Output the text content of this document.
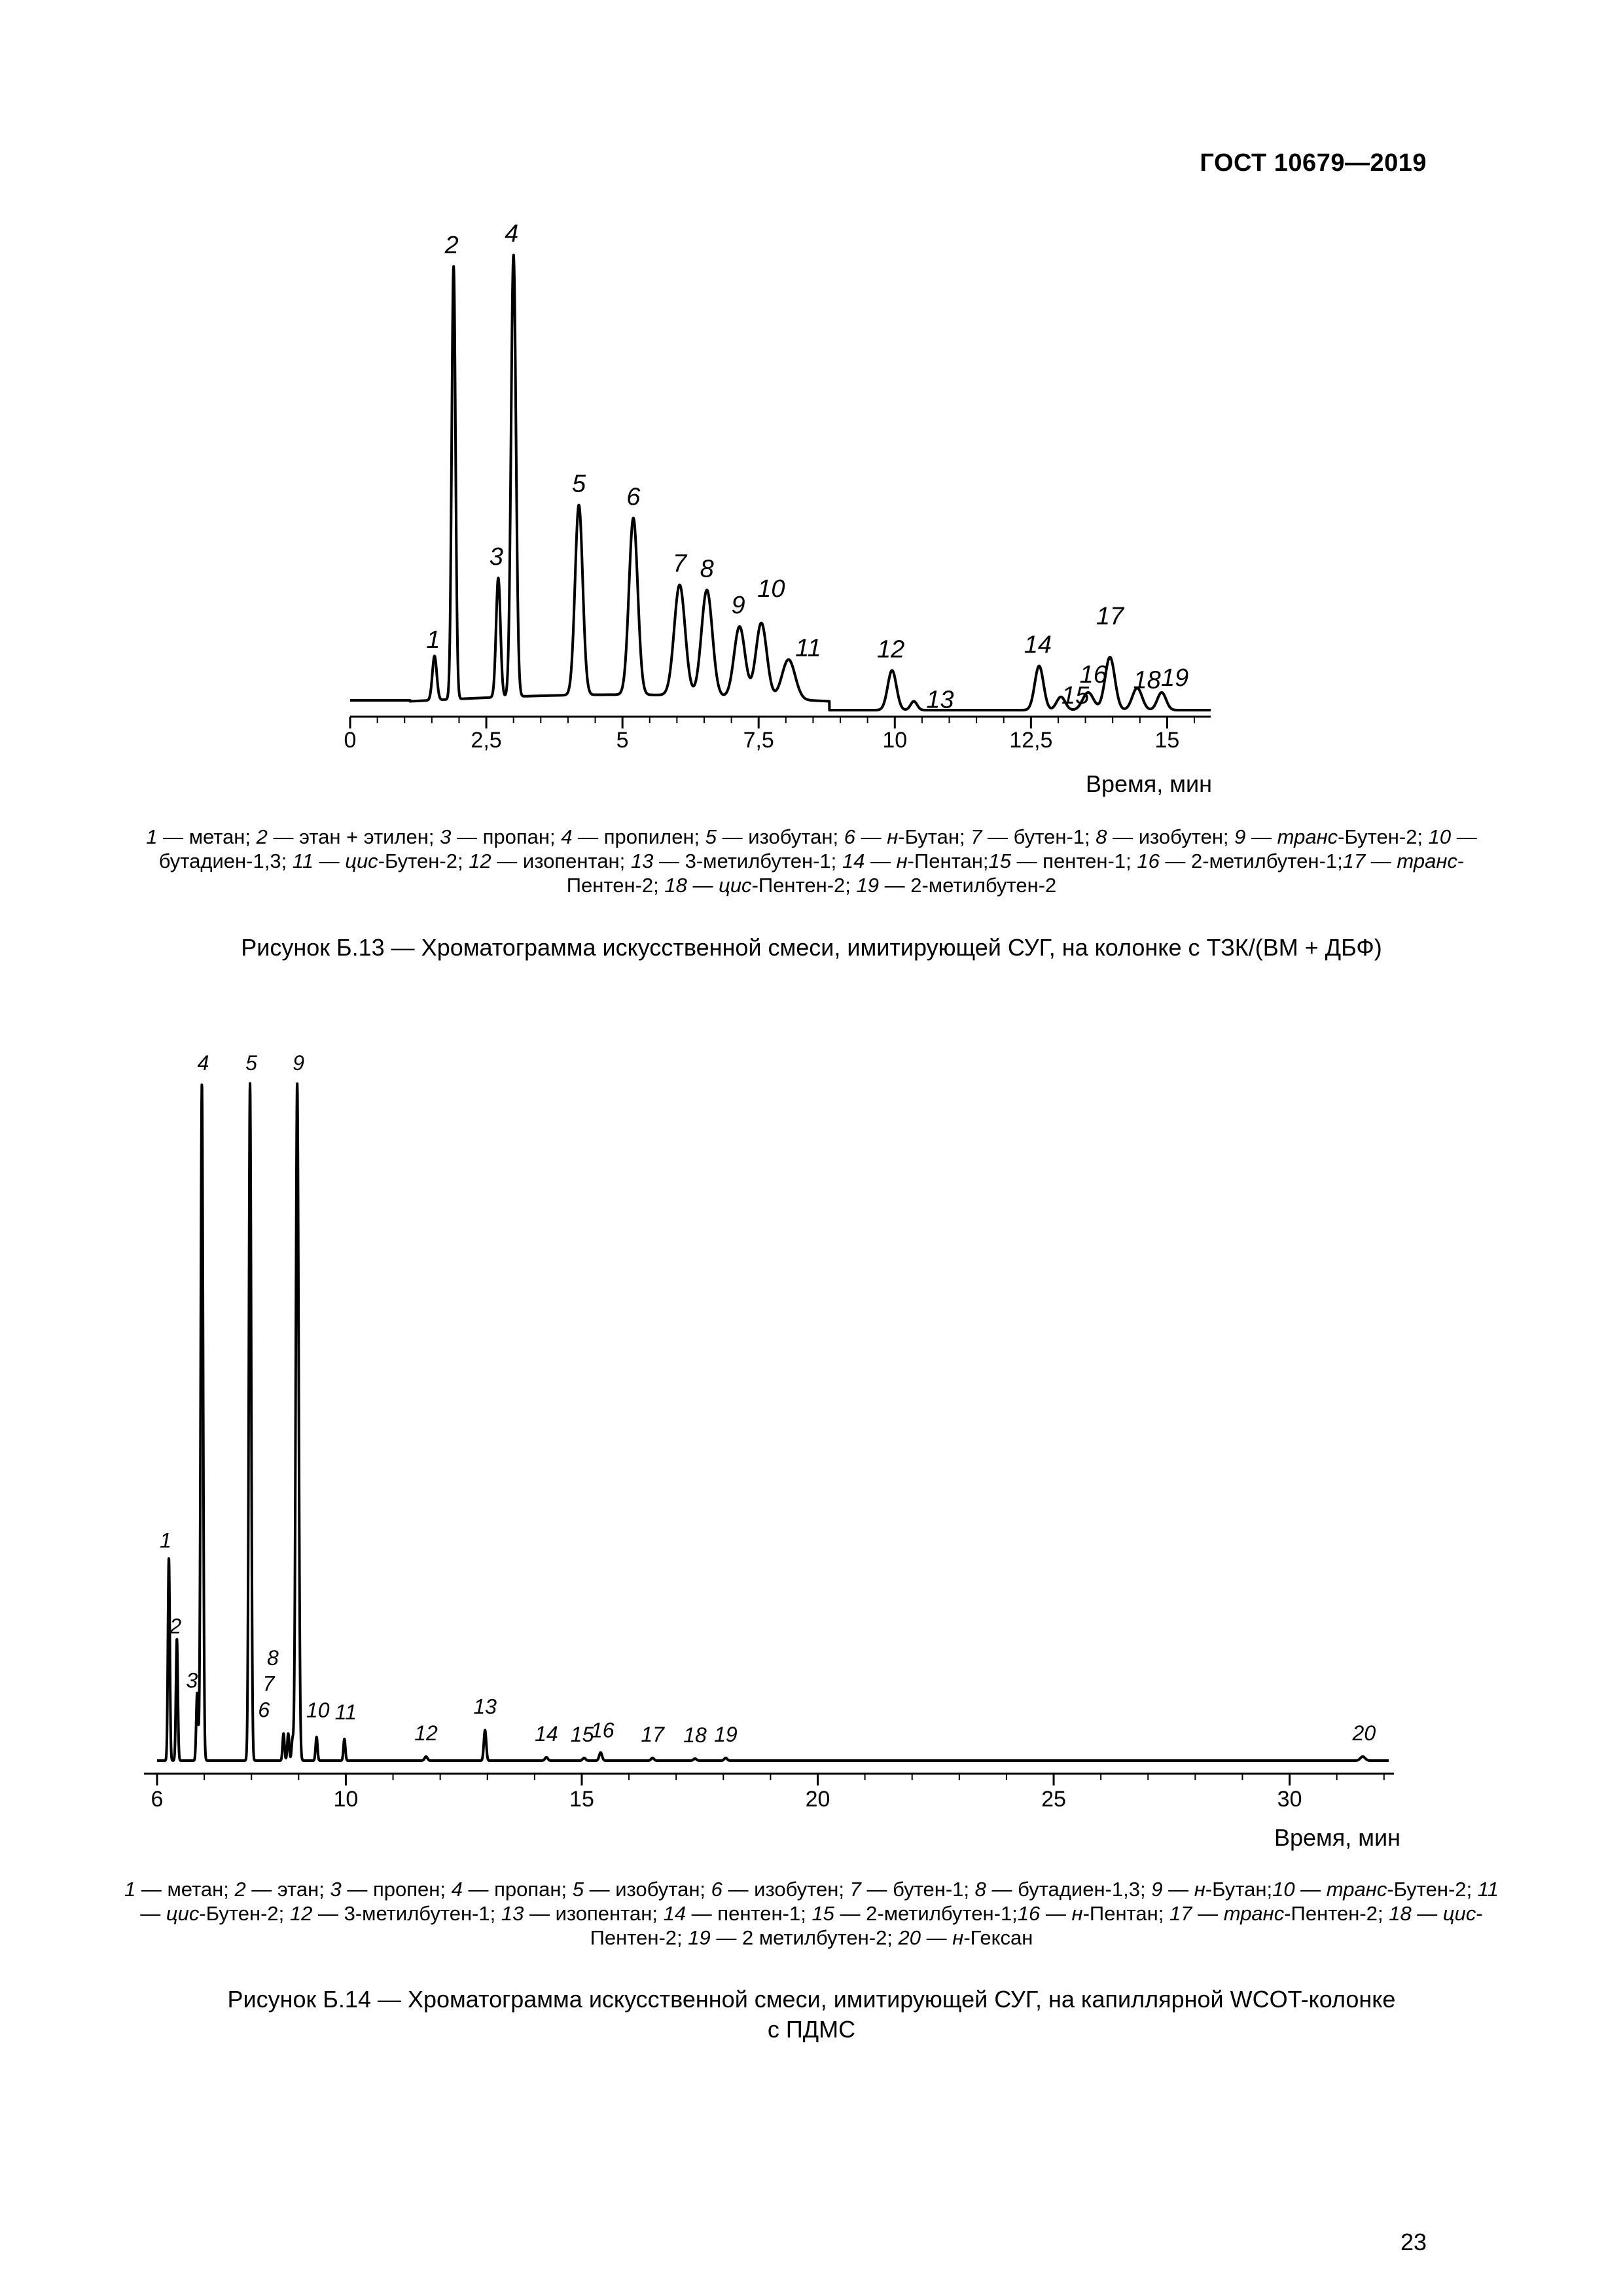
ГОСТ 10679—2019
0	2,5	5	7,5	10	12,5	15
Время, мин
1
2
3
4
5 6
7 8
9
10
11 12
13
14
15
16
17
18 19
1 — метан; 2 — этан + этилен; 3 — пропан; 4 — пропилен; 5 — изобутан; 6 — н-Бутан; 7 — бутен-1; 8 — изобутен; 9 — транс-Бутен-2; 10 — бутадиен-1,3; 11 — цис-Бутен-2; 12 — изопентан; 13 — 3-метилбутен-1; 14 — н-Пентан;15 — пентен-1; 16 — 2-метилбутен-1;17 — транс-Пентен-2; 18 — цис-Пентен-2; 19 — 2-метилбутен-2
Рисунок Б.13 — Хроматограмма искусственной смеси, имитирующей СУГ, на колонке с ТЗК/(ВМ + ДБФ)
6	10	15	20	25	30
Время, мин
1
2
3
4 5
6
7
8
9
10 11
12
13
14 15
16 17 18 19	20
1 — метан; 2 — этан; 3 — пропен; 4 — пропан; 5 — изобутан; 6 — изобутен; 7 — бутен-1; 8 — бутадиен-1,3; 9 — н-Бутан;10 — транс-Бутен-2; 11 — цис-Бутен-2; 12 — 3-метилбутен-1; 13 — изопентан; 14 — пентен-1; 15 — 2-метилбутен-1;16 — н-Пентан; 17 — транс-Пентен-2; 18 — цис-Пентен-2; 19 — 2 метилбутен-2; 20 — н-Гексан
Рисунок Б.14 — Хроматограмма искусственной смеси, имитирующей СУГ, на капиллярной WCOT-колонке
с ПДМС
23
